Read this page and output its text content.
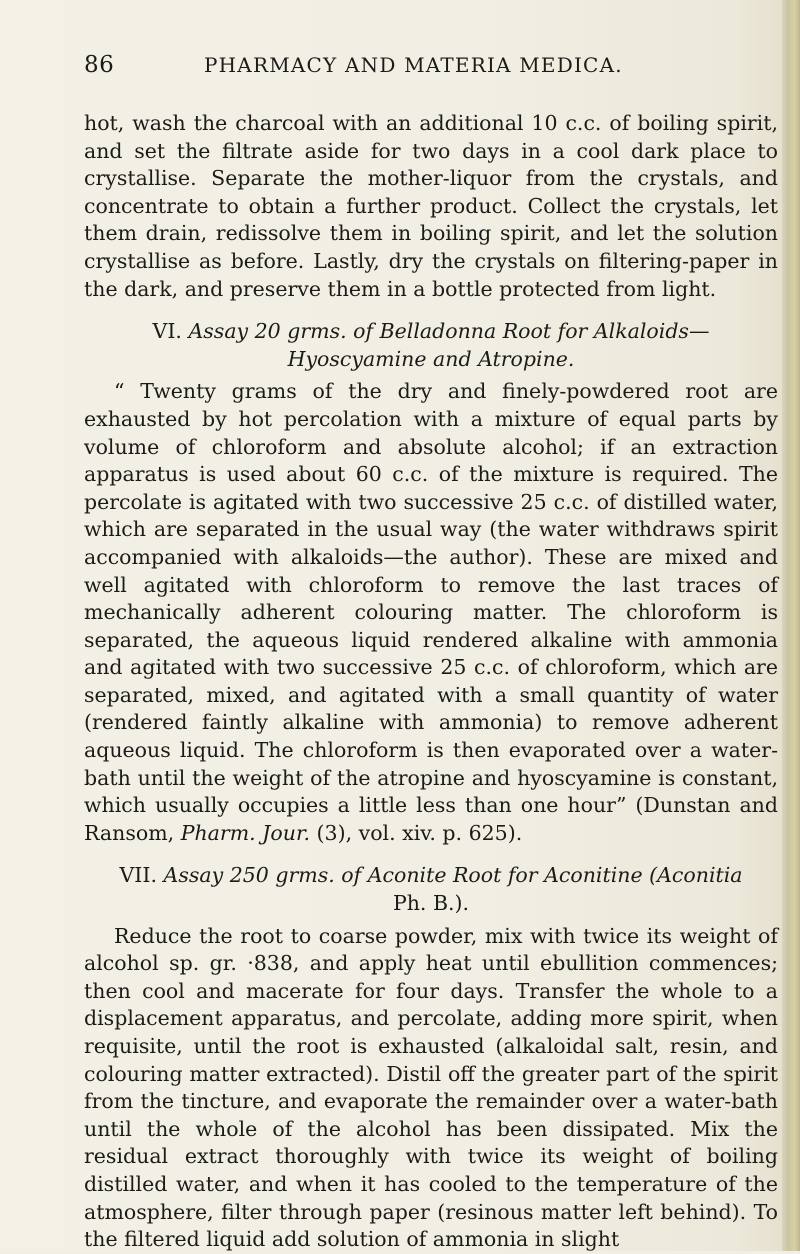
86	PHARMACY AND MATERIA MEDICA.

hot, wash the charcoal with an additional 10 c.c. of boiling spirit, and set the filtrate aside for two days in a cool dark place to crystallise. Separate the mother-liquor from the crystals, and concentrate to obtain a further product. Collect the crystals, let them drain, redissolve them in boiling spirit, and let the solution crystallise as before. Lastly, dry the crystals on filtering-paper in the dark, and preserve them in a bottle protected from light.

VI. Assay 20 grms. of Belladonna Root for Alkaloids—
Hyoscyamine and Atropine.

“ Twenty grams of the dry and finely-powdered root are exhausted by hot percolation with a mixture of equal parts by volume of chloroform and absolute alcohol; if an extraction apparatus is used about 60 c.c. of the mixture is required. The percolate is agitated with two successive 25 c.c. of distilled water, which are separated in the usual way (the water withdraws spirit accompanied with alkaloids—the author). These are mixed and well agitated with chloroform to remove the last traces of mechanically adherent colouring matter. The chloroform is separated, the aqueous liquid rendered alkaline with ammonia and agitated with two successive 25 c.c. of chloroform, which are separated, mixed, and agitated with a small quantity of water (rendered faintly alkaline with ammonia) to remove adherent aqueous liquid. The chloroform is then evaporated over a water-bath until the weight of the atropine and hyoscyamine is constant, which usually occupies a little less than one hour” (Dunstan and Ransom, Pharm. Jour. (3), vol. xiv. p. 625).

VII. Assay 250 grms. of Aconite Root for Aconitine (Aconitia
Ph. B.).

Reduce the root to coarse powder, mix with twice its weight of alcohol sp. gr. ·838, and apply heat until ebullition commences; then cool and macerate for four days. Transfer the whole to a displacement apparatus, and percolate, adding more spirit, when requisite, until the root is exhausted (alkaloidal salt, resin, and colouring matter extracted). Distil off the greater part of the spirit from the tincture, and evaporate the remainder over a water-bath until the whole of the alcohol has been dissipated. Mix the residual extract thoroughly with twice its weight of boiling distilled water, and when it has cooled to the temperature of the atmosphere, filter through paper (resinous matter left behind). To the filtered liquid add solution of ammonia in slight
